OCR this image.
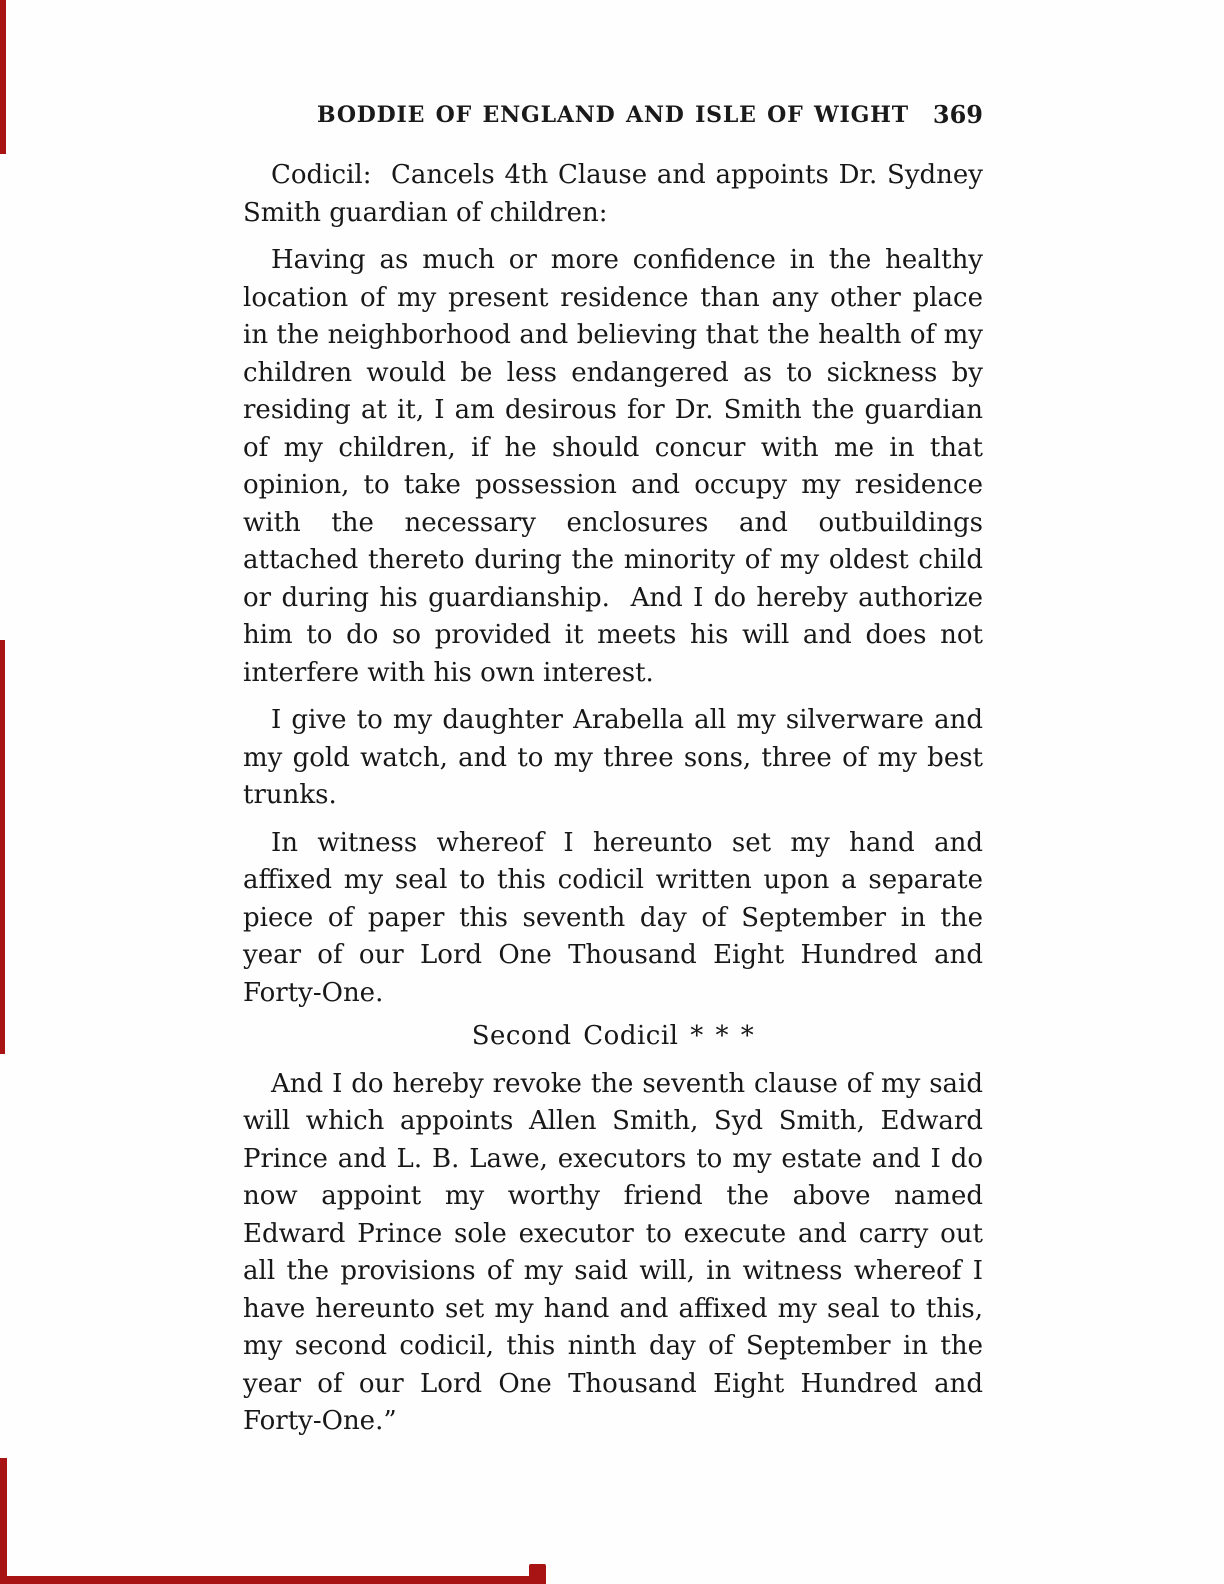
BODDIE OF ENGLAND AND ISLE OF WIGHT 369

Codicil:  Cancels 4th Clause and appoints Dr. Sydney Smith guardian of children:

Having as much or more confidence in the healthy location of my present residence than any other place in the neighborhood and believing that the health of my children would be less endangered as to sickness by residing at it, I am desirous for Dr. Smith the guardian of my children, if he should concur with me in that opinion, to take possession and occupy my residence with the necessary enclosures and outbuildings attached thereto during the minority of my oldest child or during his guardianship.  And I do hereby authorize him to do so provided it meets his will and does not interfere with his own interest.

I give to my daughter Arabella all my silverware and my gold watch, and to my three sons, three of my best trunks.

In witness whereof I hereunto set my hand and affixed my seal to this codicil written upon a separate piece of paper this seventh day of September in the year of our Lord One Thousand Eight Hundred and Forty-One.

Second Codicil * * *

And I do hereby revoke the seventh clause of my said will which appoints Allen Smith, Syd Smith, Edward Prince and L. B. Lawe, executors to my estate and I do now appoint my worthy friend the above named Edward Prince sole executor to execute and carry out all the provisions of my said will, in witness whereof I have hereunto set my hand and affixed my seal to this, my second codicil, this ninth day of September in the year of our Lord One Thousand Eight Hundred and Forty-One.”
